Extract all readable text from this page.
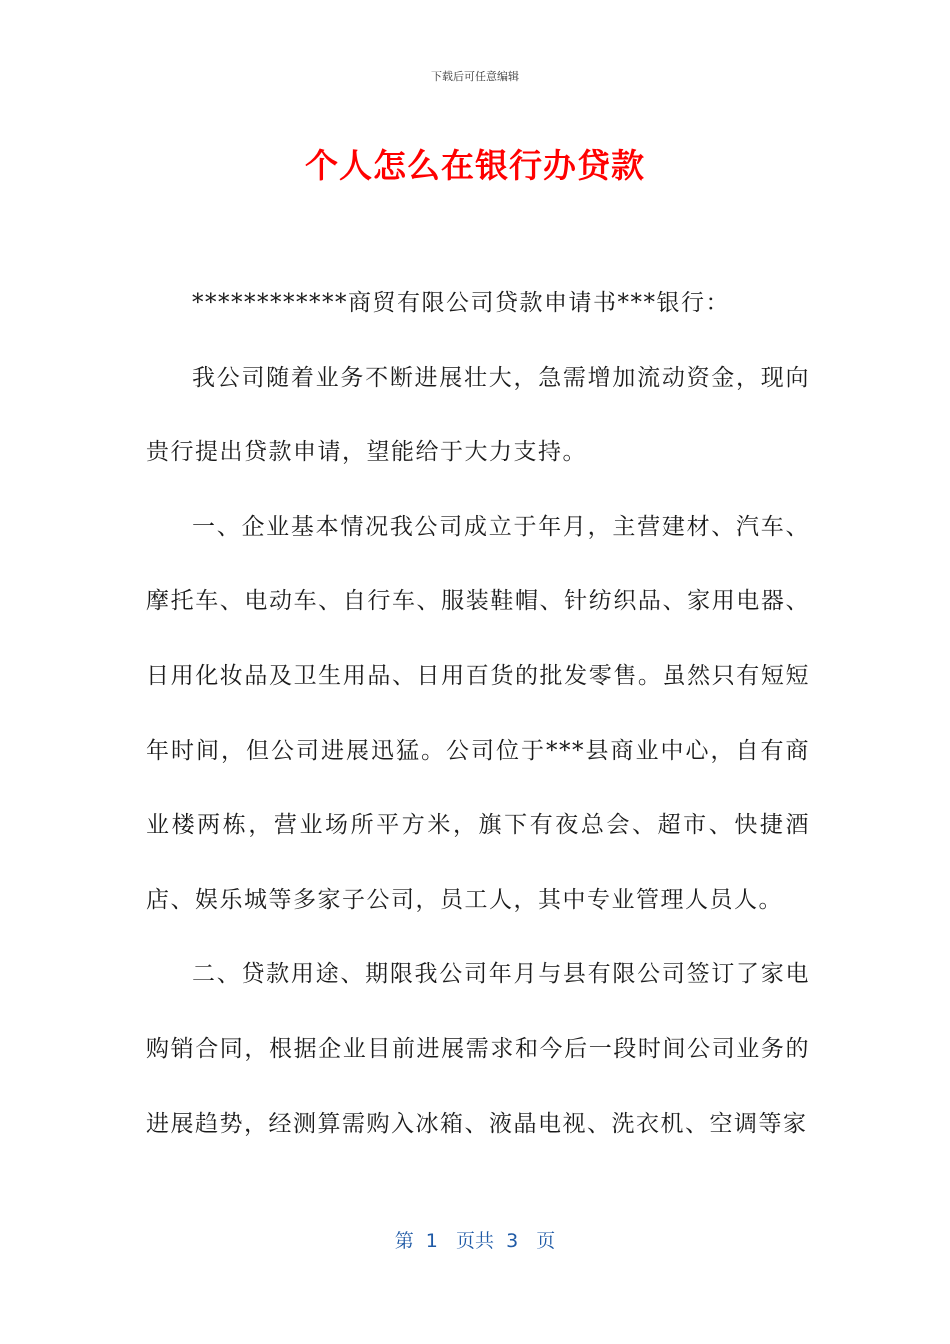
下载后可任意编辑
个人怎么在银行办贷款

************商贸有限公司贷款申请书***银行：

我公司随着业务不断进展壮大，急需增加流动资金，现向贵行提出贷款申请，望能给于大力支持。

一、企业基本情况我公司成立于年月，主营建材、汽车、摩托车、电动车、自行车、服装鞋帽、针纺织品、家用电器、日用化妆品及卫生用品、日用百货的批发零售。虽然只有短短年时间，但公司进展迅猛。公司位于***县商业中心，自有商业楼两栋，营业场所平方米，旗下有夜总会、超市、快捷酒店、娱乐城等多家子公司，员工人，其中专业管理人员人。

二、贷款用途、期限我公司年月与县有限公司签订了家电购销合同，根据企业目前进展需求和今后一段时间公司业务的进展趋势，经测算需购入冰箱、液晶电视、洗衣机、空调等家

第  1   页共  3   页
